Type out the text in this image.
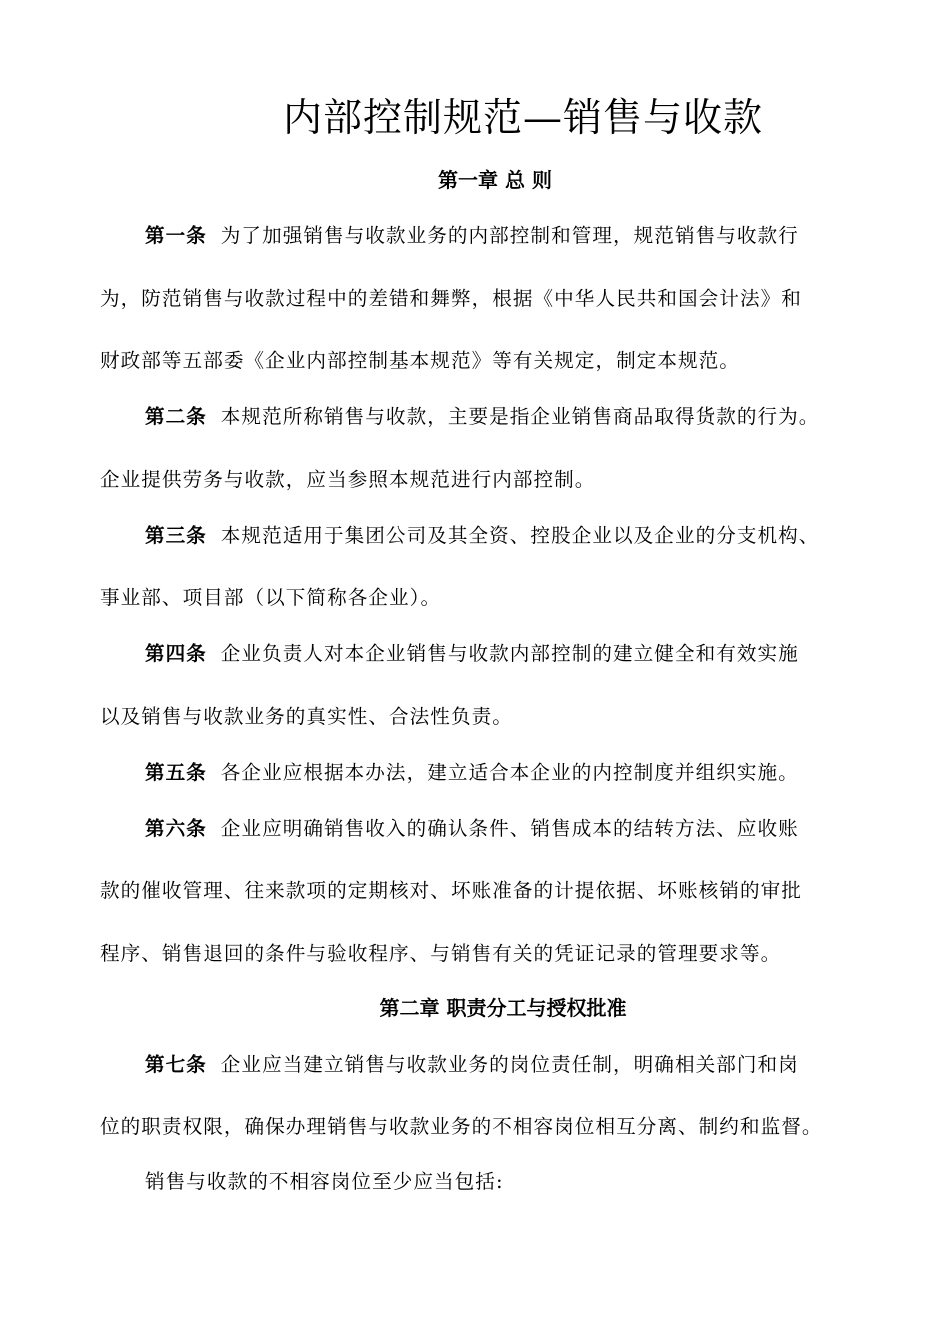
内部控制规范—销售与收款
第一章 总 则
第一条 为了加强销售与收款业务的内部控制和管理，规范销售与收款行
为，防范销售与收款过程中的差错和舞弊，根据《中华人民共和国会计法》和
财政部等五部委《企业内部控制基本规范》等有关规定，制定本规范。
第二条 本规范所称销售与收款，主要是指企业销售商品取得货款的行为。
企业提供劳务与收款，应当参照本规范进行内部控制。
第三条 本规范适用于集团公司及其全资、控股企业以及企业的分支机构、
事业部、项目部（以下简称各企业）。
第四条 企业负责人对本企业销售与收款内部控制的建立健全和有效实施
以及销售与收款业务的真实性、合法性负责。
第五条 各企业应根据本办法，建立适合本企业的内控制度并组织实施。
第六条 企业应明确销售收入的确认条件、销售成本的结转方法、应收账
款的催收管理、往来款项的定期核对、坏账准备的计提依据、坏账核销的审批
程序、销售退回的条件与验收程序、与销售有关的凭证记录的管理要求等。
第二章 职责分工与授权批准
第七条 企业应当建立销售与收款业务的岗位责任制，明确相关部门和岗
位的职责权限，确保办理销售与收款业务的不相容岗位相互分离、制约和监督。
销售与收款的不相容岗位至少应当包括:
